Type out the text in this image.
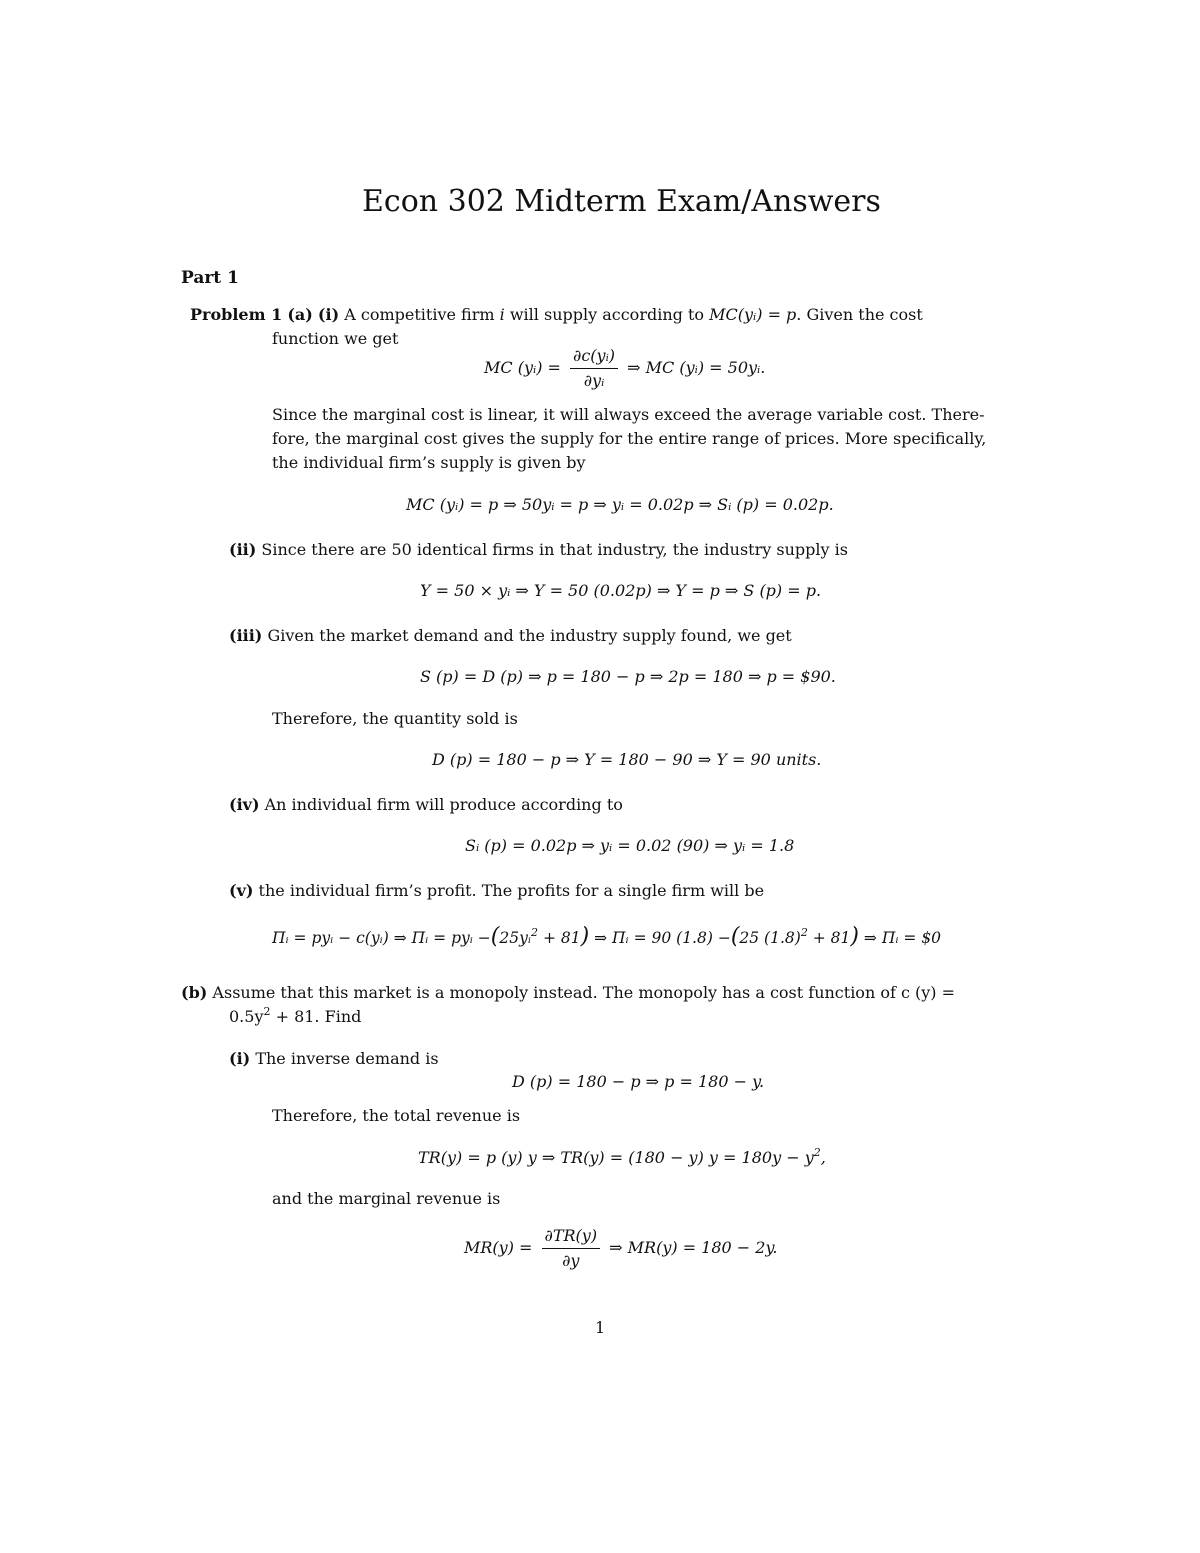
Econ 302 Midterm Exam/Answers
Part 1
Problem 1 (a) (i) A competitive firm i will supply according to MC(yᵢ) = p. Given the cost
function we get
MC (yᵢ) = $\frac{\text{∂c(yᵢ)}}{\text{∂yᵢ}}$ ⇒ MC (yᵢ) = 50yᵢ.
Since the marginal cost is linear, it will always exceed the average variable cost. There-
fore, the marginal cost gives the supply for the entire range of prices. More specifically,
the individual firm’s supply is given by
MC (yᵢ) = p ⇒ 50yᵢ = p ⇒ yᵢ = 0.02p ⇒ Sᵢ (p) = 0.02p.
(ii) Since there are 50 identical firms in that industry, the industry supply is
Y = 50 × yᵢ ⇒ Y = 50 (0.02p) ⇒ Y = p ⇒ S (p) = p.
(iii) Given the market demand and the industry supply found, we get
S (p) = D (p) ⇒ p = 180 − p ⇒ 2p = 180 ⇒ p = $90.
Therefore, the quantity sold is
D (p) = 180 − p ⇒ Y = 180 − 90 ⇒ Y = 90 units.
(iv) An individual firm will produce according to
Sᵢ (p) = 0.02p ⇒ yᵢ = 0.02 (90) ⇒ yᵢ = 1.8
(v) the individual firm’s profit. The profits for a single firm will be
Πᵢ = pyᵢ − c(yᵢ) ⇒ Πᵢ = pyᵢ −(25yᵢ$^2$ + 81) ⇒ Πᵢ = 90 (1.8) −(25 $(1.8)^2 + 81$) ⇒ Πᵢ = $0
(b) Assume that this market is a monopoly instead. The monopoly has a cost function of c (y) =
$0.5y^2 + 81$. Find
(i) The inverse demand is
D (p) = 180 − p ⇒ p = 180 − y.
Therefore, the total revenue is
TR(y) = p (y) y ⇒ TR(y) = (180 − y) $y = 180y - y^2$,
and the marginal revenue is
$MR(y) = \frac{\partial TR(y)}{\partial y}$ ⇒ MR(y) = 180 − 2y.
1
